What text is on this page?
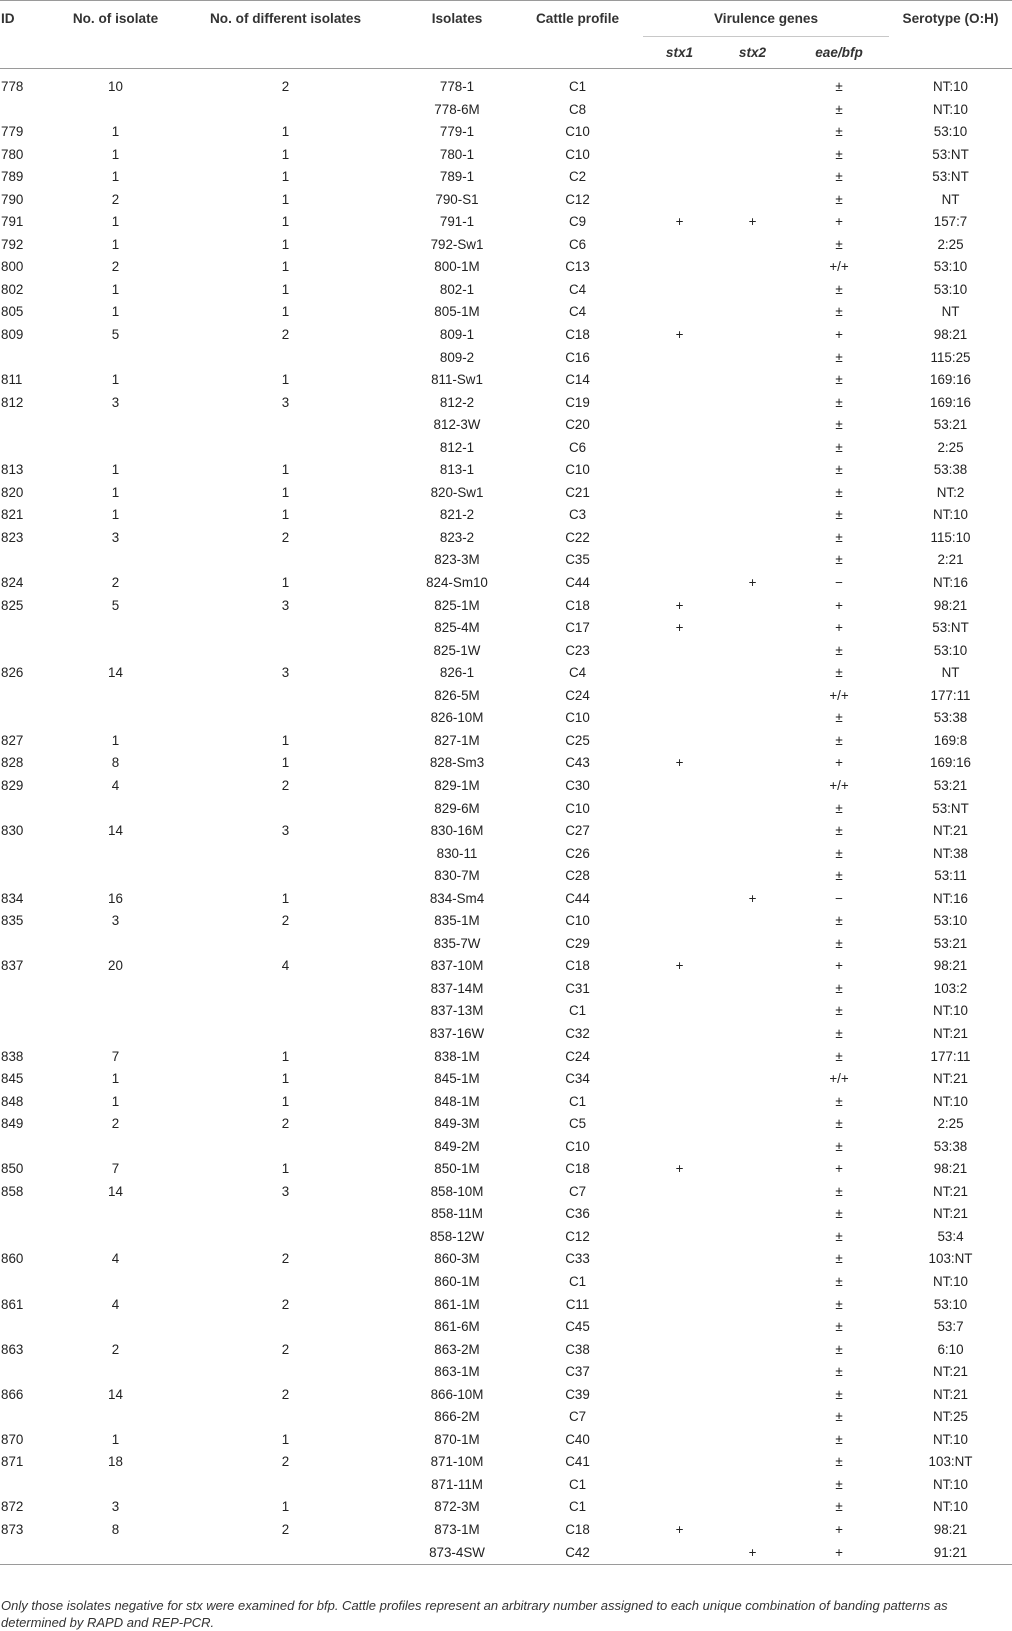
ID	No. of isolate	No. of different isolates	Isolates	Cattle profile	Virulence genes			Serotype (O:H)
					stx1	stx2	eae/bfp	
778	10	2	778-1	C1			±	NT:10
			778-6M	C8			±	NT:10
779	1	1	779-1	C10			±	53:10
780	1	1	780-1	C10			±	53:NT
789	1	1	789-1	C2			±	53:NT
790	2	1	790-S1	C12			±	NT
791	1	1	791-1	C9	+	+	+	157:7
792	1	1	792-Sw1	C6			±	2:25
800	2	1	800-1M	C13			+/+	53:10
802	1	1	802-1	C4			±	53:10
805	1	1	805-1M	C4			±	NT
809	5	2	809-1	C18	+		+	98:21
			809-2	C16			±	115:25
811	1	1	811-Sw1	C14			±	169:16
812	3	3	812-2	C19			±	169:16
			812-3W	C20			±	53:21
			812-1	C6			±	2:25
813	1	1	813-1	C10			±	53:38
820	1	1	820-Sw1	C21			±	NT:2
821	1	1	821-2	C3			±	NT:10
823	3	2	823-2	C22			±	115:10
			823-3M	C35			±	2:21
824	2	1	824-Sm10	C44		+	−	NT:16
825	5	3	825-1M	C18	+		+	98:21
			825-4M	C17	+		+	53:NT
			825-1W	C23			±	53:10
826	14	3	826-1	C4			±	NT
			826-5M	C24			+/+	177:11
			826-10M	C10			±	53:38
827	1	1	827-1M	C25			±	169:8
828	8	1	828-Sm3	C43	+		+	169:16
829	4	2	829-1M	C30			+/+	53:21
			829-6M	C10			±	53:NT
830	14	3	830-16M	C27			±	NT:21
			830-11	C26			±	NT:38
			830-7M	C28			±	53:11
834	16	1	834-Sm4	C44		+	−	NT:16
835	3	2	835-1M	C10			±	53:10
			835-7W	C29			±	53:21
837	20	4	837-10M	C18	+		+	98:21
			837-14M	C31			±	103:2
			837-13M	C1			±	NT:10
			837-16W	C32			±	NT:21
838	7	1	838-1M	C24			±	177:11
845	1	1	845-1M	C34			+/+	NT:21
848	1	1	848-1M	C1			±	NT:10
849	2	2	849-3M	C5			±	2:25
			849-2M	C10			±	53:38
850	7	1	850-1M	C18	+		+	98:21
858	14	3	858-10M	C7			±	NT:21
			858-11M	C36			±	NT:21
			858-12W	C12			±	53:4
860	4	2	860-3M	C33			±	103:NT
			860-1M	C1			±	NT:10
861	4	2	861-1M	C11			±	53:10
			861-6M	C45			±	53:7
863	2	2	863-2M	C38			±	6:10
			863-1M	C37			±	NT:21
866	14	2	866-10M	C39			±	NT:21
			866-2M	C7			±	NT:25
870	1	1	870-1M	C40			±	NT:10
871	18	2	871-10M	C41			±	103:NT
			871-11M	C1			±	NT:10
872	3	1	872-3M	C1			±	NT:10
873	8	2	873-1M	C18	+		+	98:21
			873-4SW	C42		+	+	91:21
Only those isolates negative for stx were examined for bfp. Cattle profiles represent an arbitrary number assigned to each unique combination of banding patterns as determined by RAPD and REP-PCR.
